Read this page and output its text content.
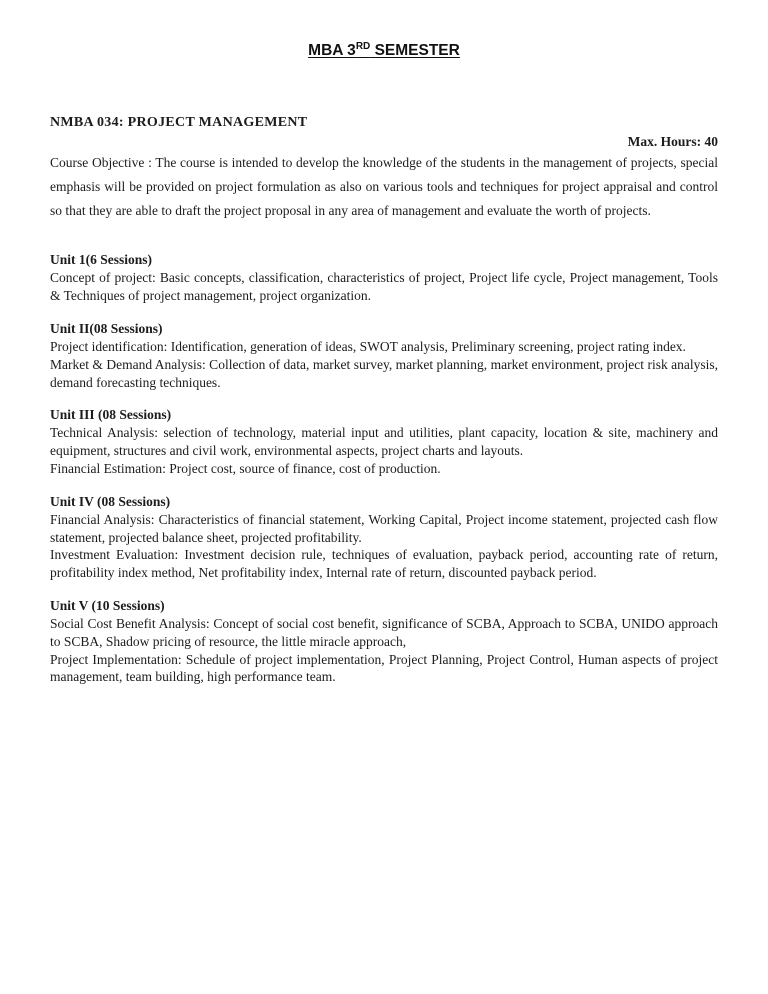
MBA 3RD SEMESTER
NMBA 034: PROJECT MANAGEMENT
Max. Hours: 40

Course Objective : The course is intended to develop the knowledge of the students in the management of projects, special emphasis will be provided on project formulation as also on various tools and techniques for project appraisal and control so that they are able to draft the project proposal in any area of management and evaluate the worth of projects.

Unit 1(6 Sessions)

Concept of project: Basic concepts, classification, characteristics of project, Project life cycle, Project management, Tools & Techniques of project management, project organization.

Unit II(08 Sessions)

Project identification: Identification, generation of ideas, SWOT analysis, Preliminary screening, project rating index.

Market & Demand Analysis: Collection of data, market survey, market planning, market environment, project risk analysis, demand forecasting techniques.

Unit III (08 Sessions)

Technical Analysis: selection of technology, material input and utilities, plant capacity, location & site, machinery and equipment, structures and civil work, environmental aspects, project charts and layouts.

Financial Estimation: Project cost, source of finance, cost of production.

Unit IV (08 Sessions)

Financial Analysis: Characteristics of financial statement, Working Capital, Project income statement, projected cash flow statement, projected balance sheet, projected profitability.

Investment Evaluation: Investment decision rule, techniques of evaluation, payback period, accounting rate of return, profitability index method, Net profitability index, Internal rate of return, discounted payback period.

Unit V (10 Sessions)

Social Cost Benefit Analysis: Concept of social cost benefit, significance of SCBA, Approach to SCBA, UNIDO approach to SCBA, Shadow pricing of resource, the little miracle approach,

Project Implementation: Schedule of project implementation, Project Planning, Project Control, Human aspects of project management, team building, high performance team.
